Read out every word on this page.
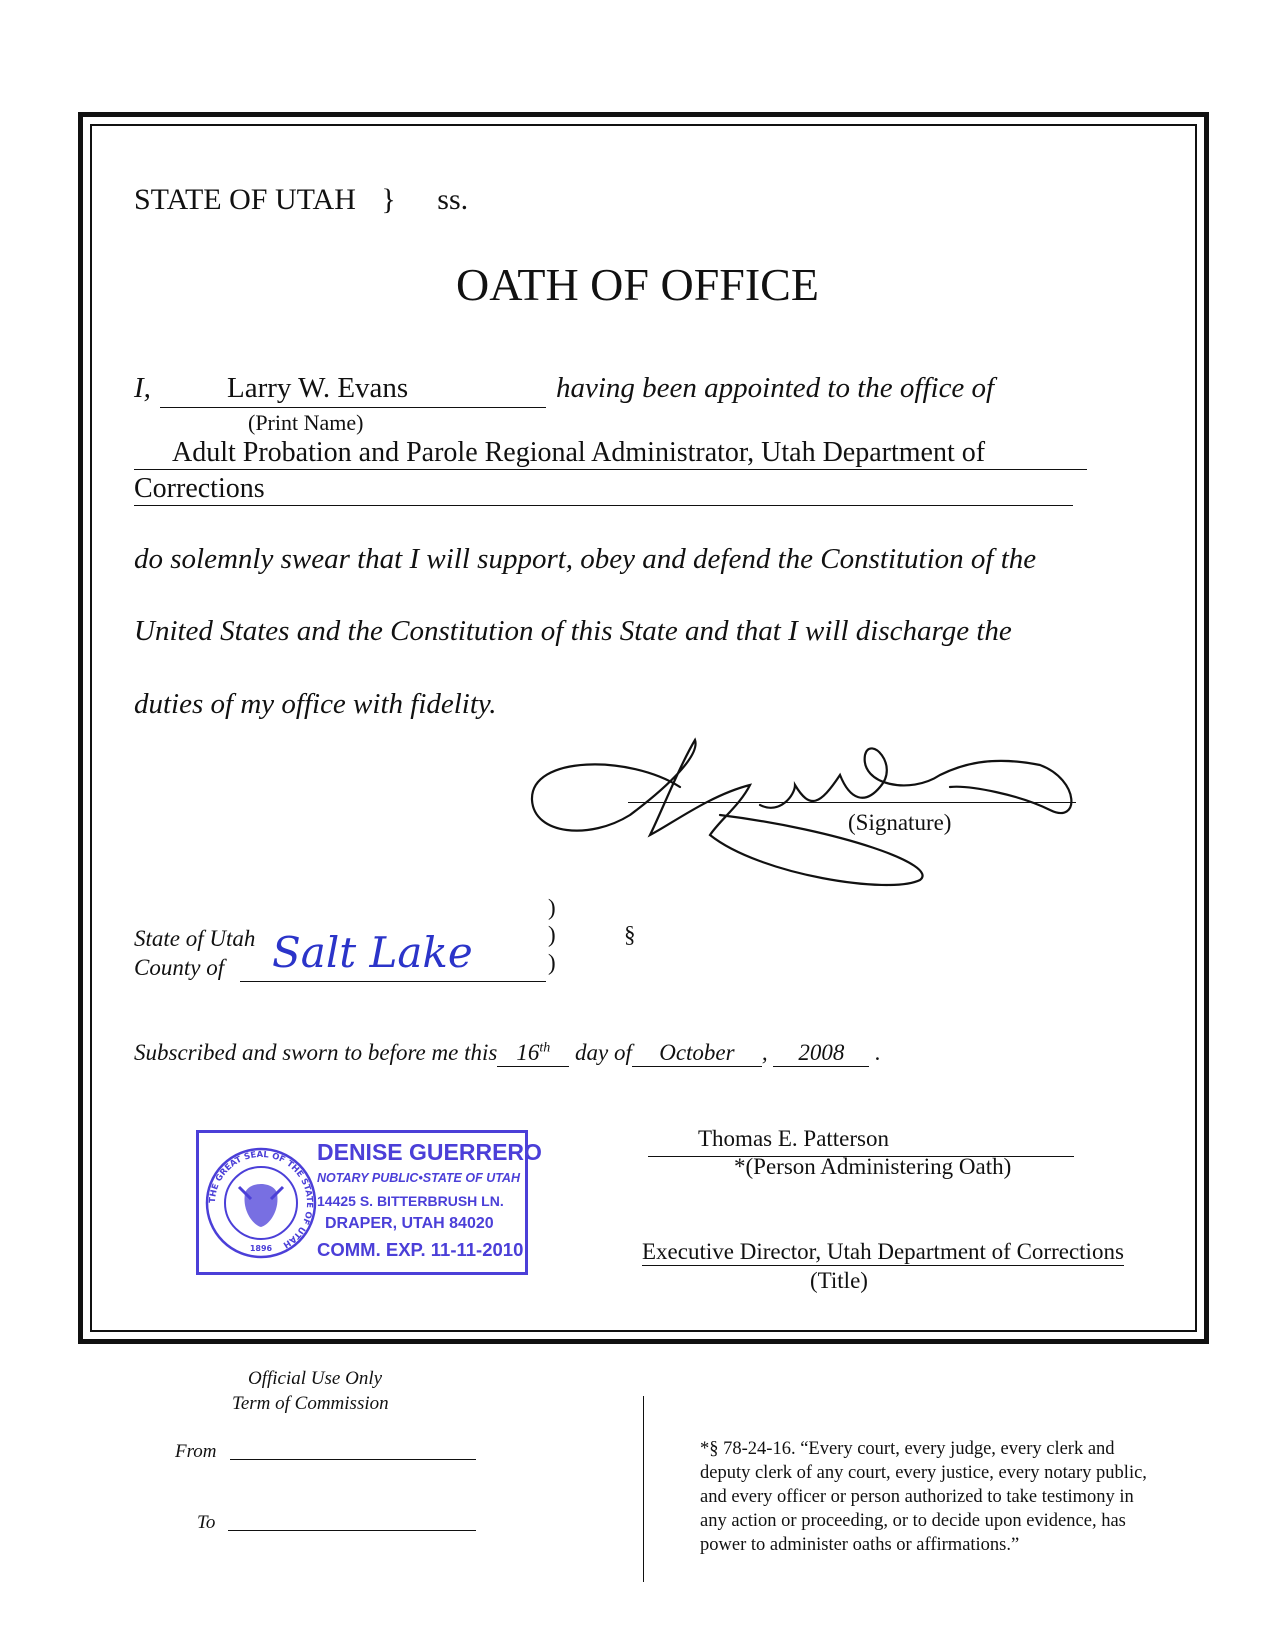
STATE OF UTAH } ss.
OATH OF OFFICE
I,	Larry W. Evans	having been appointed to the office of
(Print Name)
Adult Probation and Parole Regional Administrator, Utah Department of
Corrections
do solemnly swear that I will support, obey and defend the Constitution of the
United States and the Constitution of this State and that I will discharge the
duties of my office with fidelity.
(Signature)
State of Utah
County of Salt Lake
)
)
)
§
Subscribed and sworn to before me this 16th day of October , 2008 .
Thomas E. Patterson
*(Person Administering Oath)
Executive Director, Utah Department of Corrections
(Title)
THE GREAT SEAL OF THE STATE OF UTAH
1896
DENISE GUERRERO
NOTARY PUBLIC•STATE OF UTAH
14425 S. BITTERBRUSH LN.
DRAPER, UTAH 84020
COMM. EXP. 11-11-2010
Official Use Only
Term of Commission
From
To
*§ 78-24-16. “Every court, every judge, every clerk and
deputy clerk of any court, every justice, every notary public,
and every officer or person authorized to take testimony in
any action or proceeding, or to decide upon evidence, has
power to administer oaths or affirmations.”
